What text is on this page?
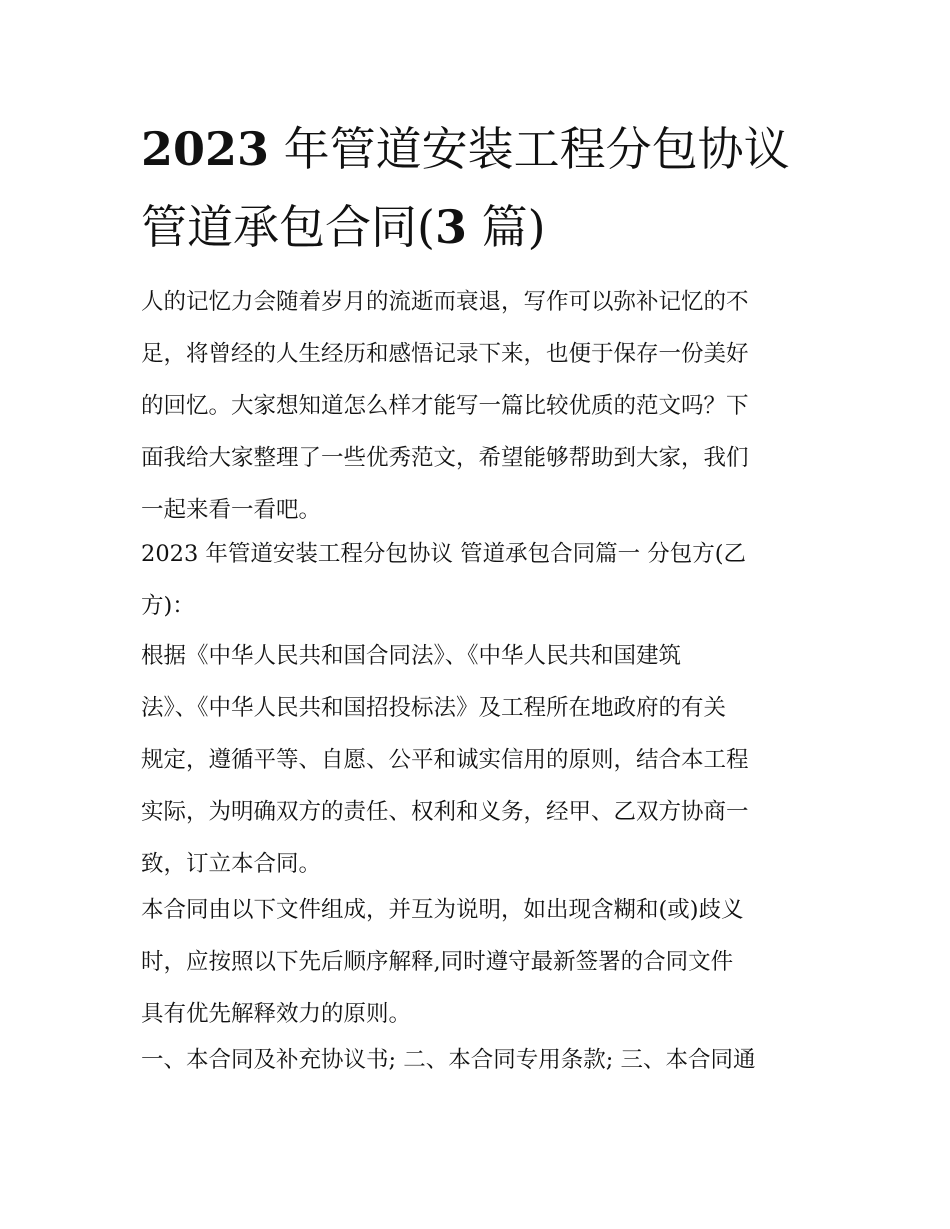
2023 年管道安装工程分包协议
管道承包合同(3 篇)
人的记忆力会随着岁月的流逝而衰退，写作可以弥补记忆的不
足，将曾经的人生经历和感悟记录下来，也便于保存一份美好
的回忆。大家想知道怎么样才能写一篇比较优质的范文吗？下
面我给大家整理了一些优秀范文，希望能够帮助到大家，我们
一起来看一看吧。
2023 年管道安装工程分包协议 管道承包合同篇一 分包方(乙
方)：
根据《中华人民共和国合同法》、《中华人民共和国建筑
法》、《中华人民共和国招投标法》及工程所在地政府的有关
规定，遵循平等、自愿、公平和诚实信用的原则，结合本工程
实际，为明确双方的责任、权利和义务，经甲、乙双方协商一
致，订立本合同。
本合同由以下文件组成，并互为说明，如出现含糊和(或)歧义
时，应按照以下先后顺序解释,同时遵守最新签署的合同文件
具有优先解释效力的原则。
一、本合同及补充协议书; 二、本合同专用条款; 三、本合同通
